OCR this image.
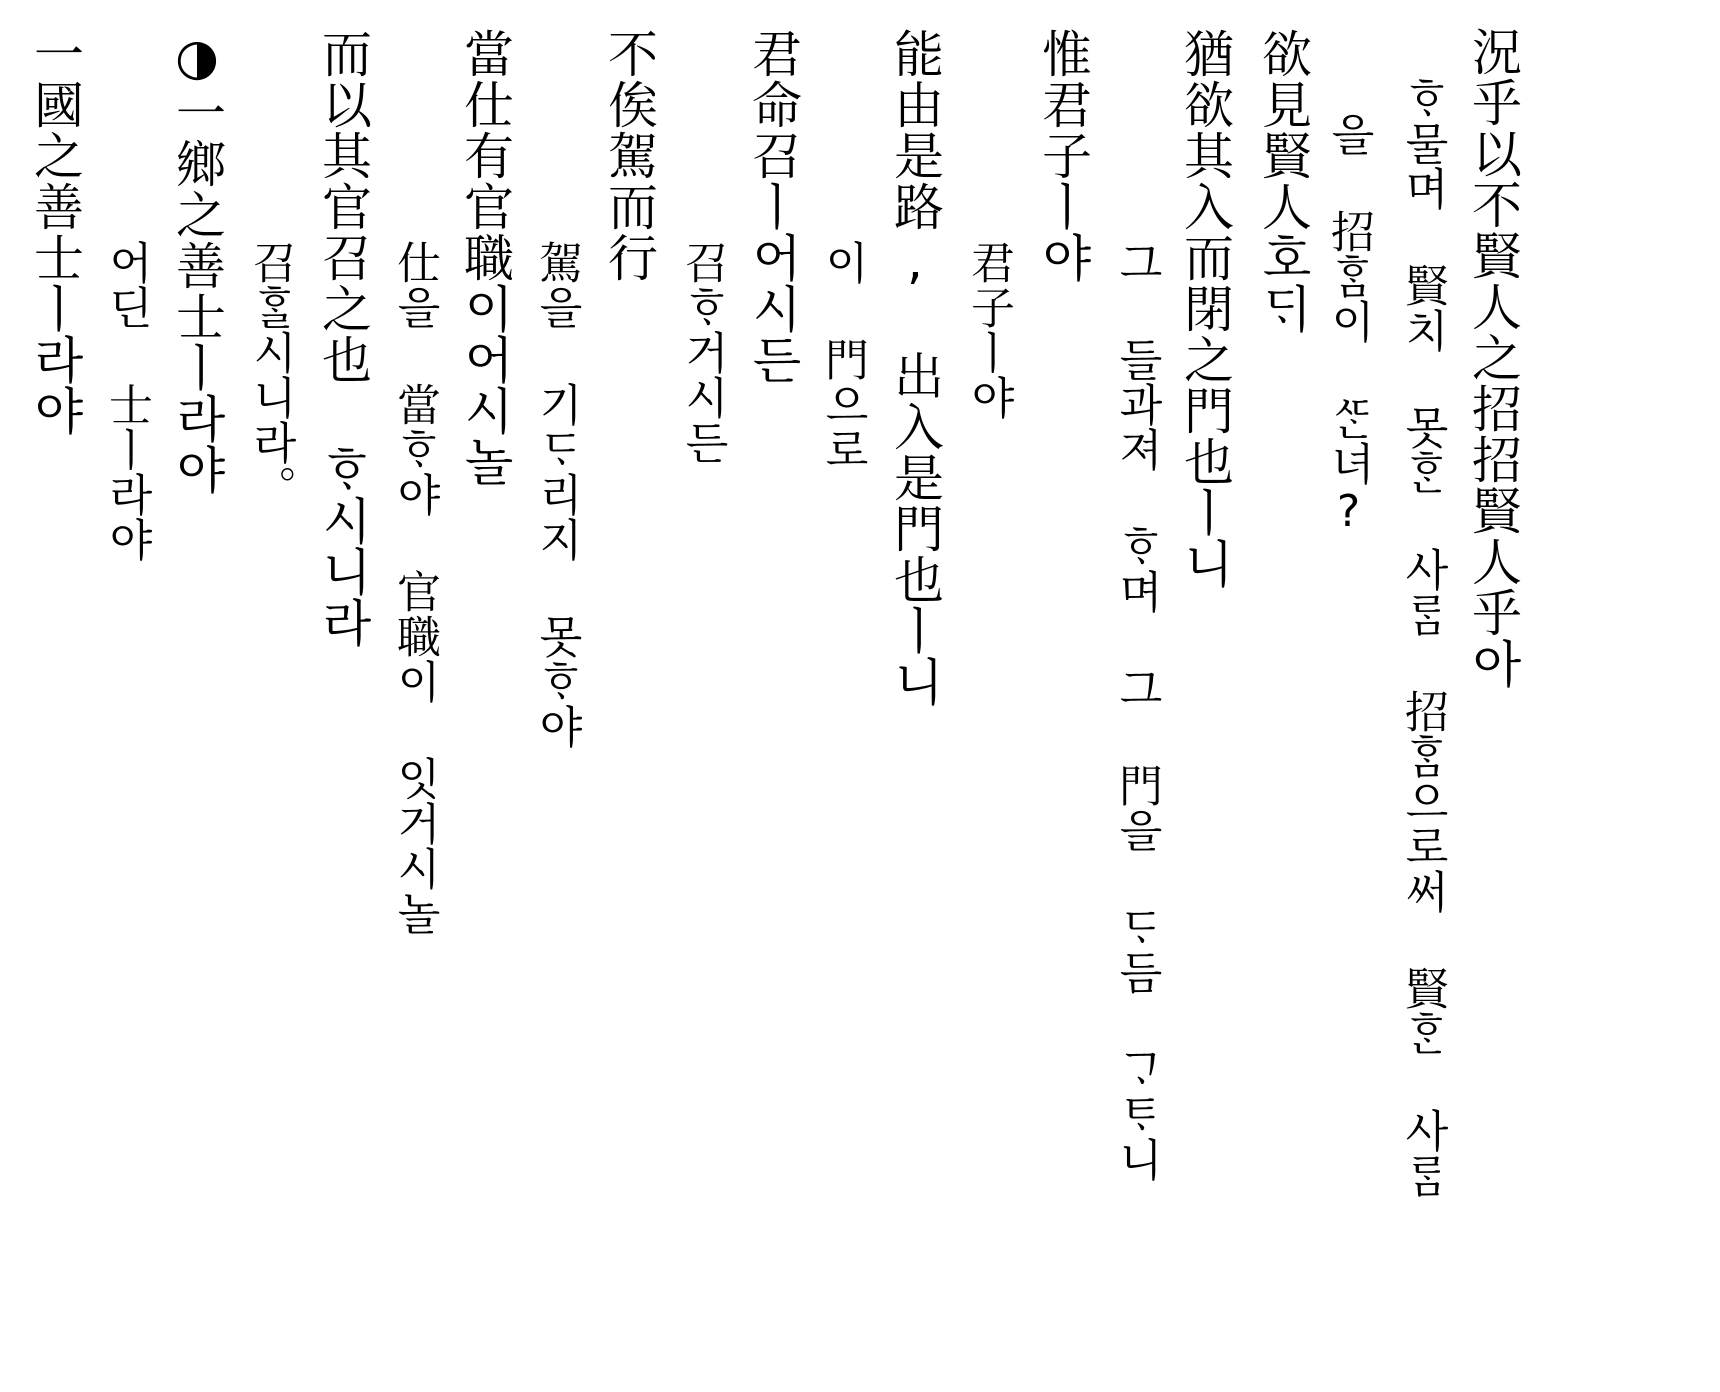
況乎以不賢人之招招賢人乎아
ᄒᆞ물며 賢치 못ᄒᆞᆫ 사ᄅᆞᆷ 招ᄒᆞᆷ으로써 賢ᄒᆞᆫ 사ᄅᆞᆷ
을 招ᄒᆞᆷ이 ᄯᆞᆫ녀?
欲見賢人호ᄃᆡ
猶欲其入而閉之門也ㅣ니
그 들과져 ᄒᆞ며 그 門을 ᄃᆞ듬 ᄀᆞᄐᆞ니
惟君子ㅣ야
君子ㅣ야
能由是路, 出入是門也ㅣ니
이 門으로
君命召ㅣ어시든
召ᄒᆞ거시든
不俟駕而行
駕을 기ᄃᆞ리지 못ᄒᆞ야
當仕有官職이어시놀
仕을 當ᄒᆞ야 官職이 잇거시놀
而以其官召之也 ᄒᆞ시니라
召ᄒᆞᆯ시니라。
◑一鄉之善士ㅣ라야
어딘 士ㅣ라야
一國之善士ㅣ라야
